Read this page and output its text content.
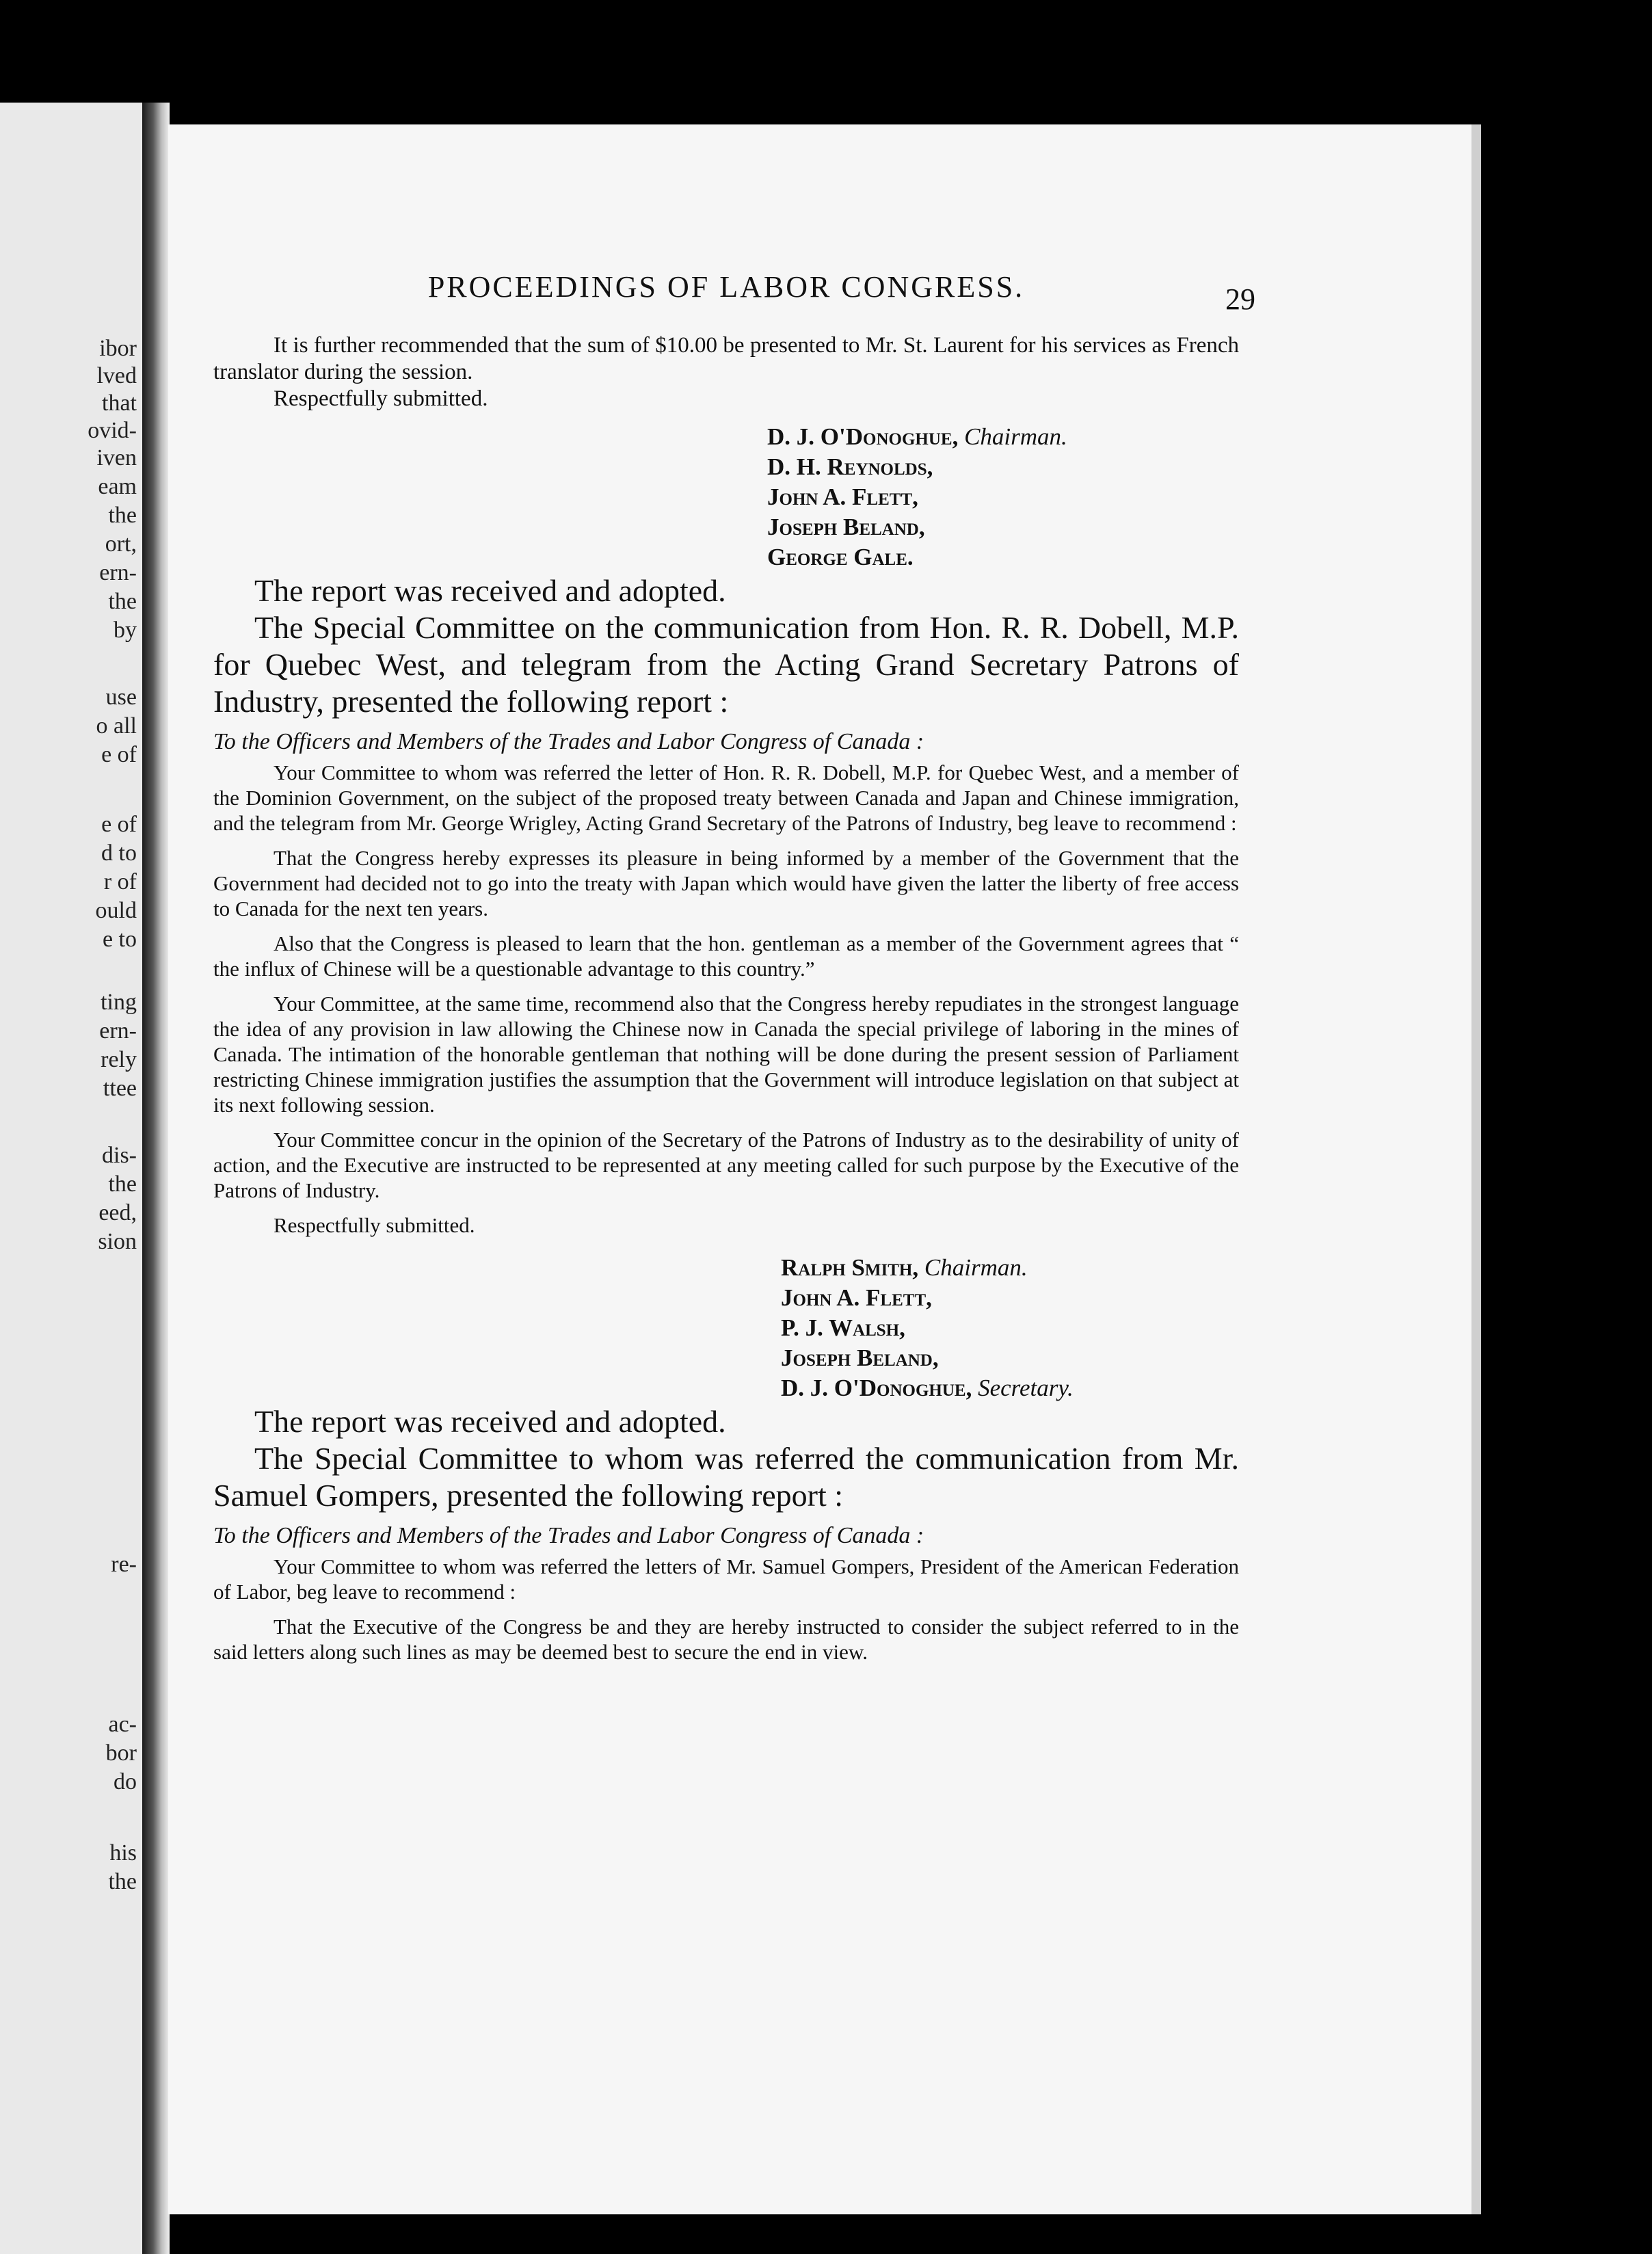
ibor
lved
that
ovid-
iven
eam
the
ort,
ern-
the
by
use
o all
e of
e of
d to
r of
ould
e to
ting
ern-
rely
ttee
dis-
the
eed,
sion
re-
ac-
bor
do
his
the
PROCEEDINGS OF LABOR CONGRESS.	29

It is further recommended that the sum of $10.00 be presented to Mr. St. Laurent for his services as French translator during the session.

Respectfully submitted.

D. J. O'Donoghue, Chairman.
D. H. Reynolds,
John A. Flett,
Joseph Beland,
George Gale.

The report was received and adopted.

The Special Committee on the communication from Hon. R. R. Dobell, M.P. for Quebec West, and telegram from the Acting Grand Secretary Patrons of Industry, presented the following report :

To the Officers and Members of the Trades and Labor Congress of Canada :

Your Committee to whom was referred the letter of Hon. R. R. Dobell, M.P. for Quebec West, and a member of the Dominion Government, on the subject of the proposed treaty between Canada and Japan and Chinese immigration, and the telegram from Mr. George Wrigley, Acting Grand Secretary of the Patrons of Industry, beg leave to recommend :

That the Congress hereby expresses its pleasure in being informed by a member of the Government that the Government had decided not to go into the treaty with Japan which would have given the latter the liberty of free access to Canada for the next ten years.

Also that the Congress is pleased to learn that the hon. gentleman as a member of the Government agrees that “ the influx of Chinese will be a questionable advantage to this country.”

Your Committee, at the same time, recommend also that the Congress hereby repudiates in the strongest language the idea of any provision in law allowing the Chinese now in Canada the special privilege of laboring in the mines of Canada. The intimation of the honorable gentleman that nothing will be done during the present session of Parliament restricting Chinese immigration justifies the assumption that the Government will introduce legislation on that subject at its next following session.

Your Committee concur in the opinion of the Secretary of the Patrons of Industry as to the desirability of unity of action, and the Executive are instructed to be represented at any meeting called for such purpose by the Executive of the Patrons of Industry.

Respectfully submitted.

Ralph Smith, Chairman.
John A. Flett,
P. J. Walsh,
Joseph Beland,
D. J. O'Donoghue, Secretary.

The report was received and adopted.

The Special Committee to whom was referred the communication from Mr. Samuel Gompers, presented the following report :

To the Officers and Members of the Trades and Labor Congress of Canada :

Your Committee to whom was referred the letters of Mr. Samuel Gompers, President of the American Federation of Labor, beg leave to recommend :

That the Executive of the Congress be and they are hereby instructed to consider the subject referred to in the said letters along such lines as may be deemed best to secure the end in view.
